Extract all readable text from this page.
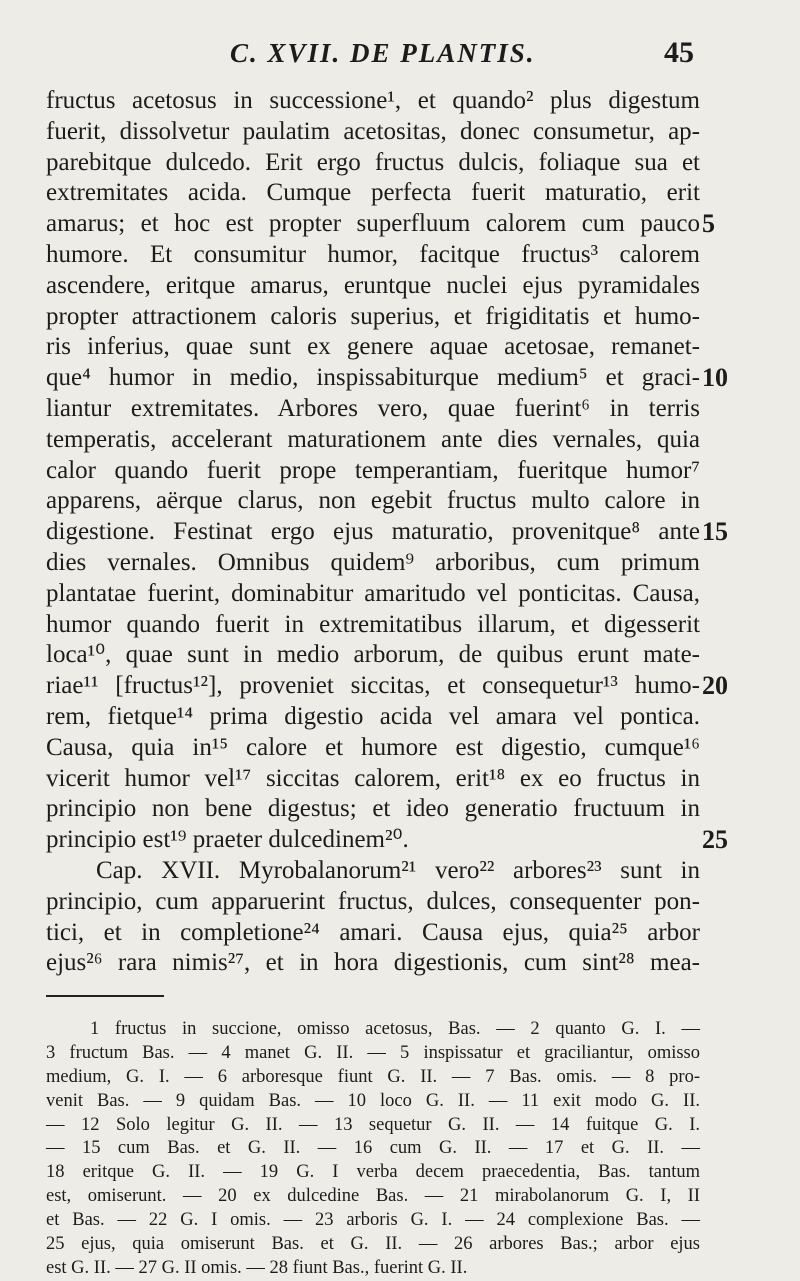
C. XVII. DE PLANTIS.	45
fructus acetosus in successione¹, et quando² plus digestum
fuerit, dissolvetur paulatim acetositas, donec consumetur, ap-
parebitque dulcedo. Erit ergo fructus dulcis, foliaque sua et
extremitates acida. Cumque perfecta fuerit maturatio, erit
amarus; et hoc est propter superfluum calorem cum pauco 5
humore. Et consumitur humor, facitque fructus³ calorem
ascendere, eritque amarus, eruntque nuclei ejus pyramidales
propter attractionem caloris superius, et frigiditatis et humo-
ris inferius, quae sunt ex genere aquae acetosae, remanet-
que⁴ humor in medio, inspissabiturque medium⁵ et graci- 10
liantur extremitates. Arbores vero, quae fuerint⁶ in terris
temperatis, accelerant maturationem ante dies vernales, quia
calor quando fuerit prope temperantiam, fueritque humor⁷
apparens, aërque clarus, non egebit fructus multo calore in
digestione. Festinat ergo ejus maturatio, provenitque⁸ ante 15
dies vernales. Omnibus quidem⁹ arboribus, cum primum
plantatae fuerint, dominabitur amaritudo vel ponticitas. Causa,
humor quando fuerit in extremitatibus illarum, et digesserit
loca¹⁰, quae sunt in medio arborum, de quibus erunt mate-
riae¹¹ [fructus¹²], proveniet siccitas, et consequetur¹³ humo- 20
rem, fietque¹⁴ prima digestio acida vel amara vel pontica.
Causa, quia in¹⁵ calore et humore est digestio, cumque¹⁶
vicerit humor vel¹⁷ siccitas calorem, erit¹⁸ ex eo fructus in
principio non bene digestus; et ideo generatio fructuum in
principio est¹⁹ praeter dulcedinem²⁰.	25
Cap. XVII. Myrobalanorum²¹ vero²² arbores²³ sunt in
principio, cum apparuerint fructus, dulces, consequenter pon-
tici, et in completione²⁴ amari. Causa ejus, quia²⁵ arbor
ejus²⁶ rara nimis²⁷, et in hora digestionis, cum sint²⁸ mea-
1 fructus in succione, omisso acetosus, Bas. — 2 quanto G. I. —
3 fructum Bas. — 4 manet G. II. — 5 inspissatur et graciliantur, omisso
medium, G. I. — 6 arboresque fiunt G. II. — 7 Bas. omis. — 8 pro-
venit Bas. — 9 quidam Bas. — 10 loco G. II. — 11 exit modo G. II.
— 12 Solo legitur G. II. — 13 sequetur G. II. — 14 fuitque G. I.
— 15 cum Bas. et G. II. — 16 cum G. II. — 17 et G. II. —
18 eritque G. II. — 19 G. I verba decem praecedentia, Bas. tantum
est, omiserunt. — 20 ex dulcedine Bas. — 21 mirabolanorum G. I, II
et Bas. — 22 G. I omis. — 23 arboris G. I. — 24 complexione Bas. —
25 ejus, quia omiserunt Bas. et G. II. — 26 arbores Bas.; arbor ejus
est G. II. — 27 G. II omis. — 28 fiunt Bas., fuerint G. II.
